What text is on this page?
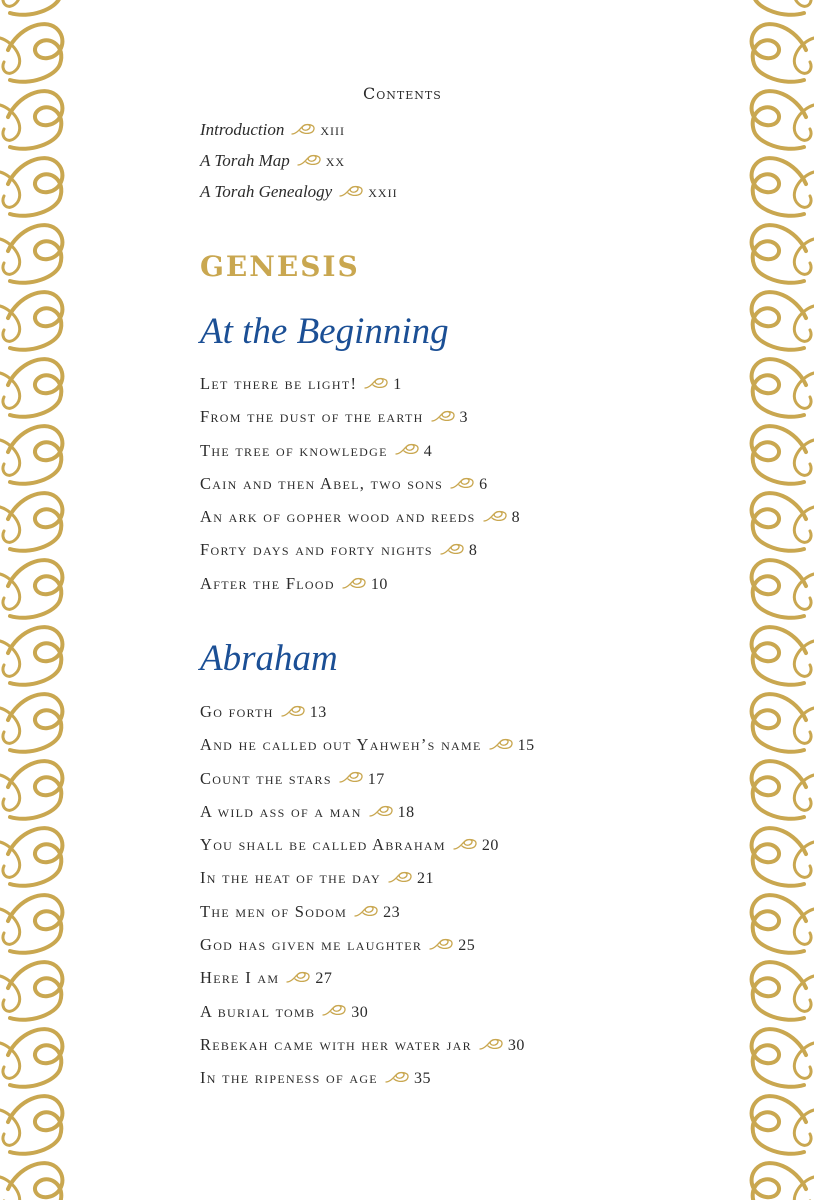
Contents
Introduction xiii
A Torah Map xx
A Torah Genealogy xxii
GENESIS
At the Beginning
Let there be light! 1
From the dust of the earth 3
The tree of knowledge 4
Cain and then Abel, two sons 6
An ark of gopher wood and reeds 8
Forty days and forty nights 8
After the Flood 10
Abraham
Go forth 13
And he called out Yahweh’s name 15
Count the stars 17
A wild ass of a man 18
You shall be called Abraham 20
In the heat of the day 21
The men of Sodom 23
God has given me laughter 25
Here I am 27
A burial tomb 30
Rebekah came with her water jar 30
In the ripeness of age 35
